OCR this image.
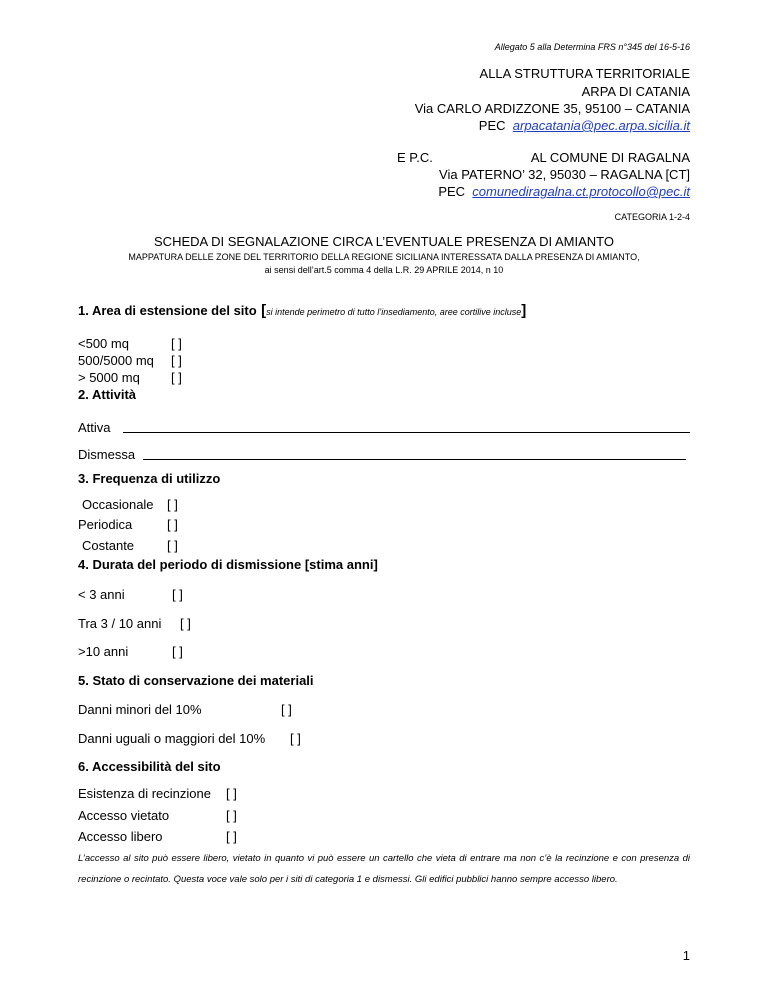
Allegato 5 alla Determina FRS n°345 del 16-5-16
ALLA STRUTTURA TERRITORIALE
ARPA DI CATANIA
Via CARLO ARDIZZONE 35, 95100 – CATANIA
PEC arpacatania@pec.arpa.sicilia.it
E P.C.	AL COMUNE DI RAGALNA
Via PATERNO’ 32, 95030 – RAGALNA [CT]
PEC comunediragalna.ct.protocollo@pec.it
CATEGORIA 1-2-4
SCHEDA DI SEGNALAZIONE CIRCA L’EVENTUALE PRESENZA DI AMIANTO
MAPPATURA DELLE ZONE DEL TERRITORIO DELLA REGIONE SICILIANA INTERESSATA DALLA PRESENZA DI AMIANTO,
ai sensi dell’art.5 comma 4 della L.R. 29 APRILE 2014, n 10
1. Area di estensione del sito [si intende perimetro di tutto l’insediamento, aree cortilive incluse]
<500 mq	[ ]
500/5000 mq [ ]
> 5000 mq [ ]
2. Attività
Attiva
Dismessa
3. Frequenza di utilizzo
Occasionale [ ]
Periodica	[ ]
Costante	[ ]
4. Durata del periodo di dismissione [stima anni]
< 3 anni	[ ]
Tra 3 / 10 anni [ ]
>10 anni	[ ]
5. Stato di conservazione dei materiali
Danni minori del 10%	[ ]
Danni uguali o maggiori del 10% [ ]
6. Accessibilità del sito
Esistenza di recinzione [ ]
Accesso vietato	[ ]
Accesso libero	[ ]
L’accesso al sito può essere libero, vietato in quanto vi può essere un cartello che vieta di entrare ma non c’è la recinzione e con presenza di recinzione o recintato. Questa voce vale solo per i siti di categoria 1 e dismessi. Gli edifici pubblici hanno sempre accesso libero.
1
